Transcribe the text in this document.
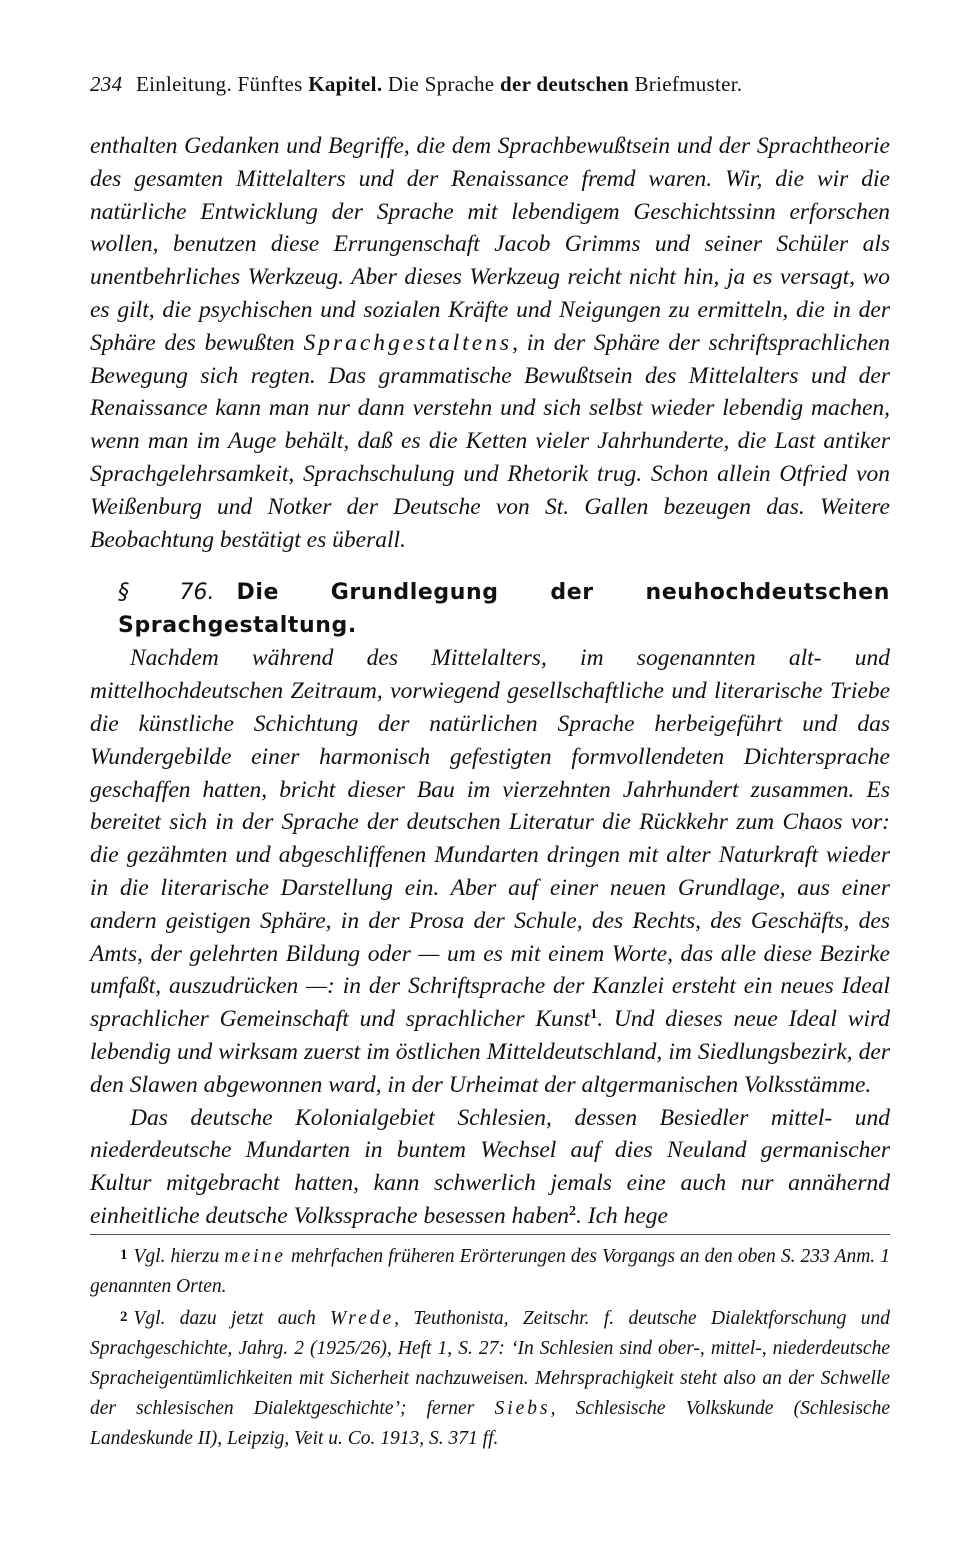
234 Einleitung. Fünftes Kapitel. Die Sprache der deutschen Briefmuster.

enthalten Gedanken und Begriffe, die dem Sprachbewußtsein und der Sprachtheorie des gesamten Mittelalters und der Renaissance fremd waren. Wir, die wir die natürliche Entwicklung der Sprache mit lebendigem Geschichtssinn erforschen wollen, benutzen diese Errungenschaft Jacob Grimms und seiner Schüler als unentbehrliches Werkzeug. Aber dieses Werkzeug reicht nicht hin, ja es versagt, wo es gilt, die psychischen und sozialen Kräfte und Neigungen zu ermitteln, die in der Sphäre des bewußten Sprachgestaltens, in der Sphäre der schriftsprachlichen Bewegung sich regten. Das grammatische Bewußtsein des Mittelalters und der Renaissance kann man nur dann verstehn und sich selbst wieder lebendig machen, wenn man im Auge behält, daß es die Ketten vieler Jahrhunderte, die Last antiker Sprachgelehrsamkeit, Sprachschulung und Rhetorik trug. Schon allein Otfried von Weißenburg und Notker der Deutsche von St. Gallen bezeugen das. Weitere Beobachtung bestätigt es überall.

§ 76. Die Grundlegung der neuhochdeutschen Sprachgestaltung.

Nachdem während des Mittelalters, im sogenannten alt- und mittelhochdeutschen Zeitraum, vorwiegend gesellschaftliche und literarische Triebe die künstliche Schichtung der natürlichen Sprache herbeigeführt und das Wundergebilde einer harmonisch gefestigten formvollendeten Dichtersprache geschaffen hatten, bricht dieser Bau im vierzehnten Jahrhundert zusammen. Es bereitet sich in der Sprache der deutschen Literatur die Rückkehr zum Chaos vor: die gezähmten und abgeschliffenen Mundarten dringen mit alter Naturkraft wieder in die literarische Darstellung ein. Aber auf einer neuen Grundlage, aus einer andern geistigen Sphäre, in der Prosa der Schule, des Rechts, des Geschäfts, des Amts, der gelehrten Bildung oder — um es mit einem Worte, das alle diese Bezirke umfaßt, auszudrücken —: in der Schriftsprache der Kanzlei ersteht ein neues Ideal sprachlicher Gemeinschaft und sprachlicher Kunst$^1$. Und dieses neue Ideal wird lebendig und wirksam zuerst im östlichen Mitteldeutschland, im Siedlungsbezirk, der den Slawen abgewonnen ward, in der Urheimat der altgermanischen Volksstämme.

Das deutsche Kolonialgebiet Schlesien, dessen Besiedler mittel- und niederdeutsche Mundarten in buntem Wechsel auf dies Neuland germanischer Kultur mitgebracht hatten, kann schwerlich jemals eine auch nur annähernd einheitliche deutsche Volkssprache besessen haben$^2$. Ich hege

1 Vgl. hierzu meine mehrfachen früheren Erörterungen des Vorgangs an den oben S. 233 Anm. 1 genannten Orten.

2 Vgl. dazu jetzt auch Wrede, Teuthonista, Zeitschr. f. deutsche Dialektforschung und Sprachgeschichte, Jahrg. 2 (1925/26), Heft 1, S. 27: ‘In Schlesien sind ober-, mittel-, niederdeutsche Spracheigentümlichkeiten mit Sicherheit nachzuweisen. Mehrsprachigkeit steht also an der Schwelle der schlesischen Dialektgeschichte’; ferner Siebs, Schlesische Volkskunde (Schlesische Landeskunde II), Leipzig, Veit u. Co. 1913, S. 371 ff.
